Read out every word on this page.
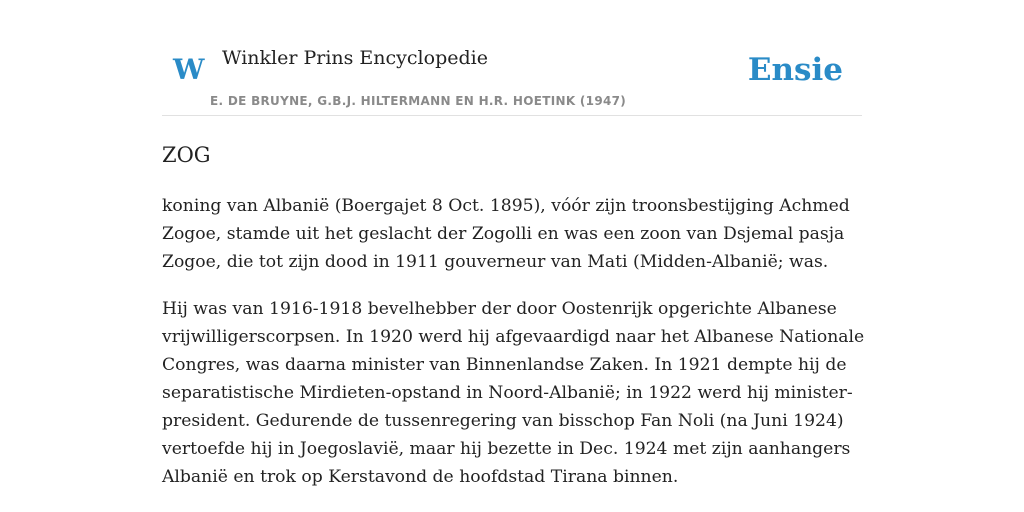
W Winkler Prins Encyclopedie
E. DE BRUYNE, G.B.J. HILTERMANN EN H.R. HOETINK (1947)
Ensie
ZOG

koning van Albanië (Boergajet 8 Oct. 1895), vóór zijn troonsbestijging Achmed
Zogoe, stamde uit het geslacht der Zogolli en was een zoon van Dsjemal pasja
Zogoe, die tot zijn dood in 1911 gouverneur van Mati (Midden-Albanië; was.

Hij was van 1916-1918 bevelhebber der door Oostenrijk opgerichte Albanese
vrijwilligerscorpsen. In 1920 werd hij afgevaardigd naar het Albanese Nationale
Congres, was daarna minister van Binnenlandse Zaken. In 1921 dempte hij de
separatistische Mirdieten-opstand in Noord-Albanië; in 1922 werd hij minister-
president. Gedurende de tussenregering van bisschop Fan Noli (na Juni 1924)
vertoefde hij in Joegoslavië, maar hij bezette in Dec. 1924 met zijn aanhangers
Albanië en trok op Kerstavond de hoofdstad Tirana binnen.
